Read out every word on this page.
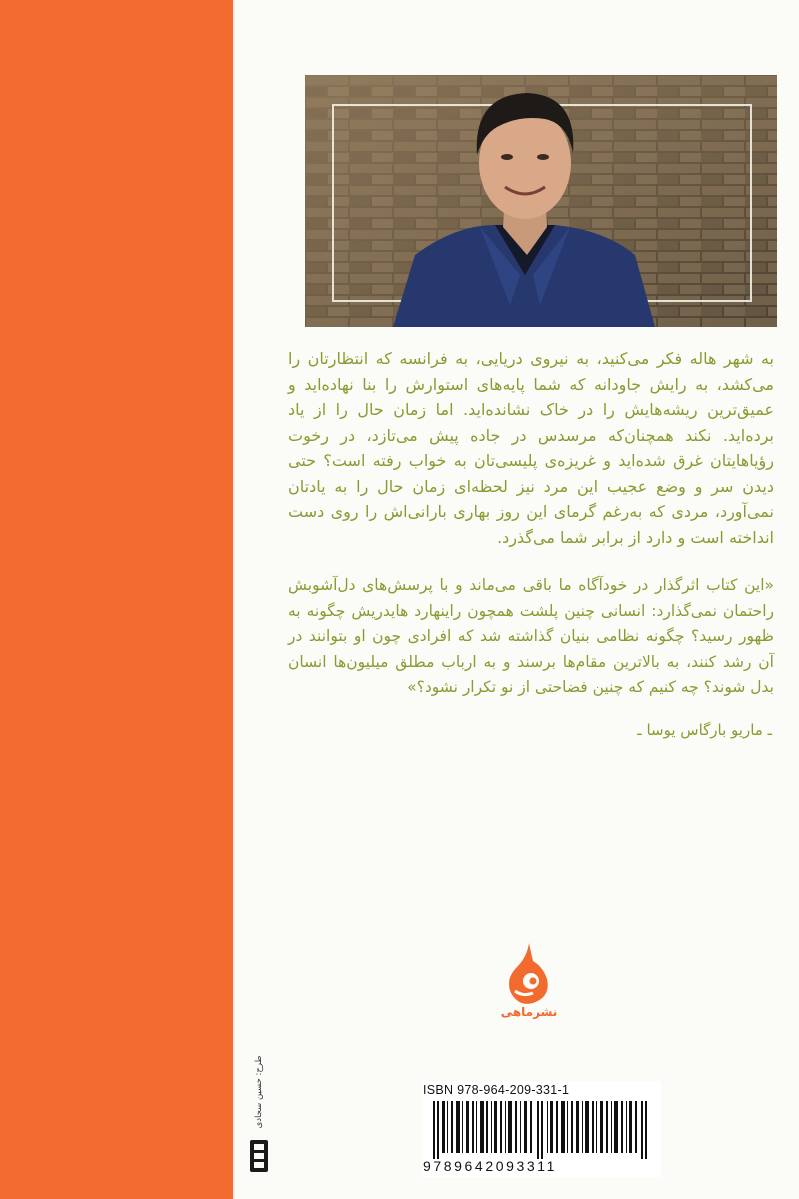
به شهر هاله فکر می‌کنید، به نیروی دریایی، به فرانسه که انتظارتان را می‌کشد، به رایش جاودانه که شما پایه‌های استوارش را بنا نهاده‌اید و عمیق‌ترین ریشه‌هایش را در خاک نشانده‌اید. اما زمان حال را از یاد برده‌اید. نکند همچنان‌که مرسدس در جاده پیش می‌تازد، در رخوت رؤیاهایتان غرق شده‌اید و غریزه‌ی پلیسی‌تان به خواب رفته است؟ حتی دیدن سر و وضع عجیب این مرد نیز لحظه‌ای زمان حال را به یادتان نمی‌آورد، مردی که به‌رغم گرمای این روز بهاری بارانی‌اش را روی دست انداخته است و دارد از برابر شما می‌گذرد.

«این کتاب اثرگذار در خودآگاه ما باقی می‌ماند و با پرسش‌های دل‌آشوبش راحتمان نمی‌گذارد: انسانی چنین پلشت همچون راینهارد هایدریش چگونه به ظهور رسید؟ چگونه نظامی بنیان گذاشته شد که افرادی چون او بتوانند در آن رشد کنند، به بالاترین مقام‌ها برسند و به ارباب مطلق میلیون‌ها انسان بدل شوند؟ چه کنیم که چنین فضاحتی از نو تکرار نشود؟»

ـ ماریو بارگاس یوسا ـ
نشرماهی
ISBN 978-964-209-331-1
9789642093311
طرح: حسین سجادی
